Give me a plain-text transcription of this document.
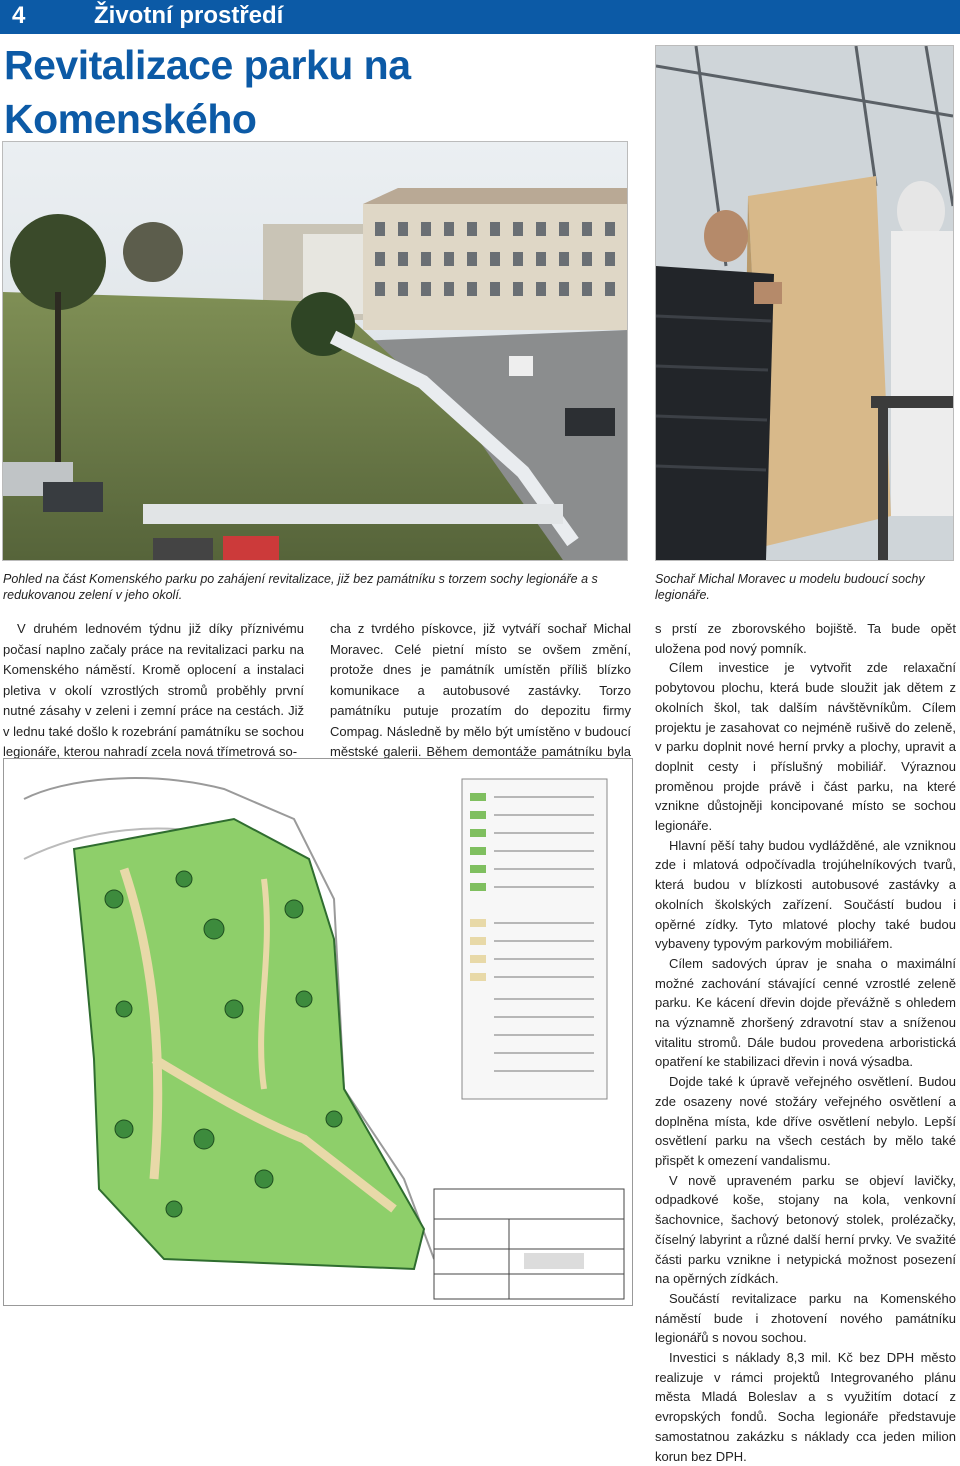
4	Životní prostředí
Revitalizace parku na Komenského
Pohled na část Komenského parku po zahájení revitalizace, již bez památníku s torzem sochy legionáře a s redukovanou zelení v jeho okolí.
Sochař Michal Moravec u modelu budoucí sochy legionáře.

V druhém lednovém týdnu již díky příznivému počasí naplno začaly práce na revitalizaci parku na Komenského náměstí. Kromě oplocení a instalaci pletiva v okolí vzrostlých stromů proběhly první nutné zásahy v zeleni i zemní práce na cestách. Již v lednu také došlo k rozebrání památníku se sochou legionáře, kterou nahradí zcela nová třímetrová so-

cha z tvrdého pískovce, již vytváří sochař Michal Moravec. Celé pietní místo se ovšem změní, protože dnes je památník umístěn příliš blízko komunikace a autobusové zastávky. Torzo památníku putuje prozatím do depozitu firmy Compag. Následně by mělo být umístěno v budoucí městské galerii. Během demontáže památníku byla

s prstí ze zborovského bojiště. Ta bude opět uložena pod nový pomník.

Cílem investice je vytvořit zde relaxační pobytovou plochu, která bude sloužit jak dětem z okolních škol, tak dalším návštěvníkům. Cílem projektu je zasahovat co nejméně rušivě do zeleně, v parku doplnit nové herní prvky a plochy, upravit a doplnit cesty i příslušný mobiliář. Výraznou proměnou projde právě i část parku, na které vznikne důstojněji koncipované místo se sochou legionáře.

Hlavní pěší tahy budou vydlážděné, ale vzniknou zde i mlatová odpočívadla trojúhelníkových tvarů, která budou v blízkosti autobusové zastávky a okolních školských zařízení. Součástí budou i opěrné zídky. Tyto mlatové plochy také budou vybaveny typovým parkovým mobiliářem.

Cílem sadových úprav je snaha o maximální možné zachování stávající cenné vzrostlé zeleně parku. Ke kácení dřevin dojde převážně s ohledem na významně zhoršený zdravotní stav a sníženou vitalitu stromů. Dále budou provedena arboristická opatření ke stabilizaci dřevin i nová výsadba.

Dojde také k úpravě veřejného osvětlení. Budou zde osazeny nové stožáry veřejného osvětlení a doplněna místa, kde dříve osvětlení nebylo. Lepší osvětlení parku na všech cestách by mělo také přispět k omezení vandalismu.

V nově upraveném parku se objeví lavičky, odpadkové koše, stojany na kola, venkovní šachovnice, šachový betonový stolek, prolézačky, číselný labyrint a různé další herní prvky. Ve svažité části parku vznikne i netypická možnost posezení na opěrných zídkách.

Součástí revitalizace parku na Komenského náměstí bude i zhotovení nového památníku legionářů s novou sochou.

Investici s náklady 8,3 mil. Kč bez DPH město realizuje v rámci projektů Integrovaného plánu města Mladá Boleslav a s využitím dotací z evropských fondů. Socha legionáře představuje samostatnou zakázku s náklady cca jeden milion korun bez DPH.
